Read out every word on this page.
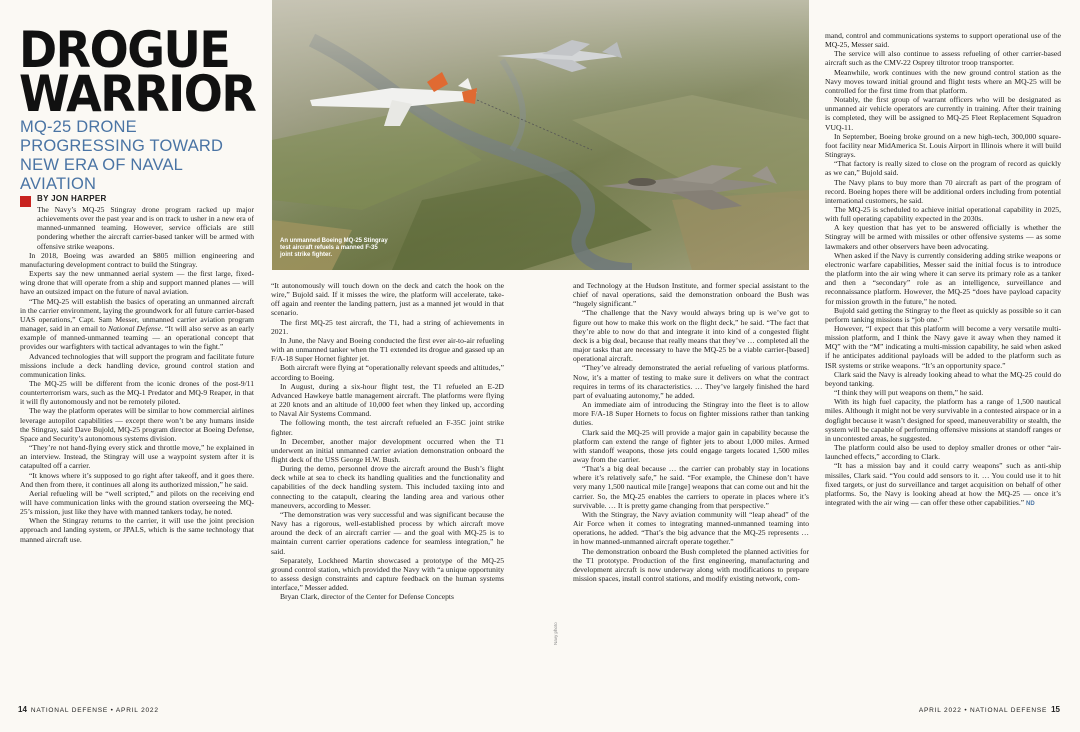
DROGUE
WARRIOR
MQ-25 DRONE PROGRESSING TOWARD NEW ERA OF NAVAL AVIATION
BY JON HARPER

The Navy’s MQ-25 Stingray drone program racked up major achievements over the past year and is on track to usher in a new era of manned-unmanned teaming. However, service officials are still pondering whether the aircraft carrier-based tanker will be armed with offensive strike weapons.

In 2018, Boeing was awarded an $805 million engineering and manufacturing development contract to build the Stingray.

Experts say the new unmanned aerial system — the first large, fixed-wing drone that will operate from a ship and support manned planes — will have an outsized impact on the future of naval aviation.

“The MQ-25 will establish the basics of operating an unmanned aircraft in the carrier environment, laying the groundwork for all future carrier-based UAS operations,” Capt. Sam Messer, unmanned carrier aviation program manager, said in an email to National Defense. “It will also serve as an early example of manned-unmanned teaming — an operational concept that provides our warfighters with tactical advantages to win the fight.”

Advanced technologies that will support the program and facilitate future missions include a deck handling device, ground control station and communication links.

The MQ-25 will be different from the iconic drones of the post-9/11 counterterrorism wars, such as the MQ-1 Predator and MQ-9 Reaper, in that it will fly autonomously and not be remotely piloted.

The way the platform operates will be similar to how commercial airlines leverage autopilot capabilities — except there won’t be any humans inside the Stingray, said Dave Bujold, MQ-25 program director at Boeing Defense, Space and Security’s autonomous systems division.

“They’re not hand-flying every stick and throttle move,” he explained in an interview. Instead, the Stingray will use a waypoint system after it is catapulted off a carrier.

“It knows where it’s supposed to go right after takeoff, and it goes there. And then from there, it continues all along its authorized mission,” he said.

Aerial refueling will be “well scripted,” and pilots on the receiving end will have communication links with the ground station overseeing the MQ-25’s mission, just like they have with manned tankers today, he noted.

When the Stingray returns to the carrier, it will use the joint precision approach and landing system, or JPALS, which is the same technology that manned aircraft use.

An unmanned Boeing MQ-25 Stingray test aircraft refuels a manned F-35 joint strike fighter.

“It autonomously will touch down on the deck and catch the hook on the wire,” Bujold said. If it misses the wire, the platform will accelerate, take-off again and reenter the landing pattern, just as a manned jet would in that scenario.

The first MQ-25 test aircraft, the T1, had a string of achievements in 2021.

In June, the Navy and Boeing conducted the first ever air-to-air refueling with an unmanned tanker when the T1 extended its drogue and gassed up an F/A-18 Super Hornet fighter jet.

Both aircraft were flying at “operationally relevant speeds and altitudes,” according to Boeing.

In August, during a six-hour flight test, the T1 refueled an E-2D Advanced Hawkeye battle management aircraft. The platforms were flying at 220 knots and an altitude of 10,000 feet when they linked up, according to Naval Air Systems Command.

The following month, the test aircraft refueled an F-35C joint strike fighter.

In December, another major development occurred when the T1 underwent an initial unmanned carrier aviation demonstration onboard the flight deck of the USS George H.W. Bush.

During the demo, personnel drove the aircraft around the Bush’s flight deck while at sea to check its handling qualities and the functionality and capabilities of the deck handling system. This included taxiing into and connecting to the catapult, clearing the landing area and various other maneuvers, according to Messer.

“The demonstration was very successful and was significant because the Navy has a rigorous, well-established process by which aircraft move around the deck of an aircraft carrier — and the goal with MQ-25 is to maintain current carrier operations cadence for seamless integration,” he said.

Separately, Lockheed Martin showcased a prototype of the MQ-25 ground control station, which provided the Navy with “a unique opportunity to assess design constraints and capture feedback on the human systems interface,” Messer added.

Bryan Clark, director of the Center for Defense Concepts

Navy photo

and Technology at the Hudson Institute, and former special assistant to the chief of naval operations, said the demonstration onboard the Bush was “hugely significant.”

“The challenge that the Navy would always bring up is we’ve got to figure out how to make this work on the flight deck,” he said. “The fact that they’re able to now do that and integrate it into kind of a congested flight deck is a big deal, because that really means that they’ve … completed all the major tasks that are necessary to have the MQ-25 be a viable carrier-[based] operational aircraft.

“They’ve already demonstrated the aerial refueling of various platforms. Now, it’s a matter of testing to make sure it delivers on what the contract requires in terms of its characteristics. … They’ve largely finished the hard part of evaluating autonomy,” he added.

An immediate aim of introducing the Stingray into the fleet is to allow more F/A-18 Super Hornets to focus on fighter missions rather than tanking duties.

Clark said the MQ-25 will provide a major gain in capability because the platform can extend the range of fighter jets to about 1,000 miles. Armed with standoff weapons, those jets could engage targets located 1,500 miles away from the carrier.

“That’s a big deal because … the carrier can probably stay in locations where it’s relatively safe,” he said. “For example, the Chinese don’t have very many 1,500 nautical mile [range] weapons that can come out and hit the carrier. So, the MQ-25 enables the carriers to operate in places where it’s survivable. … It is pretty game changing from that perspective.”

With the Stingray, the Navy aviation community will “leap ahead” of the Air Force when it comes to integrating manned-unmanned teaming into operations, he added. “That’s the big advance that the MQ-25 represents … in how manned-unmanned aircraft operate together.”

The demonstration onboard the Bush completed the planned activities for the T1 prototype. Production of the first engineering, manufacturing and development aircraft is now underway along with modifications to prepare mission spaces, install control stations, and modify existing network, com-

mand, control and communications systems to support operational use of the MQ-25, Messer said.

The service will also continue to assess refueling of other carrier-based aircraft such as the CMV-22 Osprey tiltrotor troop transporter.

Meanwhile, work continues with the new ground control station as the Navy moves toward initial ground and flight tests where an MQ-25 will be controlled for the first time from that platform.

Notably, the first group of warrant officers who will be designated as unmanned air vehicle operators are currently in training. After their training is completed, they will be assigned to MQ-25 Fleet Replacement Squadron VUQ-11.

In September, Boeing broke ground on a new high-tech, 300,000 square-foot facility near MidAmerica St. Louis Airport in Illinois where it will build Stingrays.

“That factory is really sized to close on the program of record as quickly as we can,” Bujold said.

The Navy plans to buy more than 70 aircraft as part of the program of record. Boeing hopes there will be additional orders including from potential international customers, he said.

The MQ-25 is scheduled to achieve initial operational capability in 2025, with full operating capability expected in the 2030s.

A key question that has yet to be answered officially is whether the Stingray will be armed with missiles or other offensive systems — as some lawmakers and other observers have been advocating.

When asked if the Navy is currently considering adding strike weapons or electronic warfare capabilities, Messer said the initial focus is to introduce the platform into the air wing where it can serve its primary role as a tanker and then a “secondary” role as an intelligence, surveillance and reconnaissance platform. However, the MQ-25 “does have payload capacity for mission growth in the future,” he noted.

Bujold said getting the Stingray to the fleet as quickly as possible so it can perform tanking missions is “job one.”

However, “I expect that this platform will become a very versatile multi-mission platform, and I think the Navy gave it away when they named it MQ” with the “M” indicating a multi-mission capability, he said when asked if he anticipates additional payloads will be added to the platform such as ISR systems or strike weapons. “It’s an opportunity space.”

Clark said the Navy is already looking ahead to what the MQ-25 could do beyond tanking.

“I think they will put weapons on them,” he said.

With its high fuel capacity, the platform has a range of 1,500 nautical miles. Although it might not be very survivable in a contested airspace or in a dogfight because it wasn’t designed for speed, maneuverability or stealth, the system will be capable of performing offensive missions at standoff ranges or in uncontested areas, he suggested.

The platform could also be used to deploy smaller drones or other “air-launched effects,” according to Clark.

“It has a mission bay and it could carry weapons” such as anti-ship missiles, Clark said. “You could add sensors to it. … You could use it to hit fixed targets, or just do surveillance and target acquisition on behalf of other platforms. So, the Navy is looking ahead at how the MQ-25 — once it’s integrated with the air wing — can offer these other capabilities.” ND

14 NATIONAL DEFENSE • APRIL 2022	APRIL 2022 • NATIONAL DEFENSE 15
